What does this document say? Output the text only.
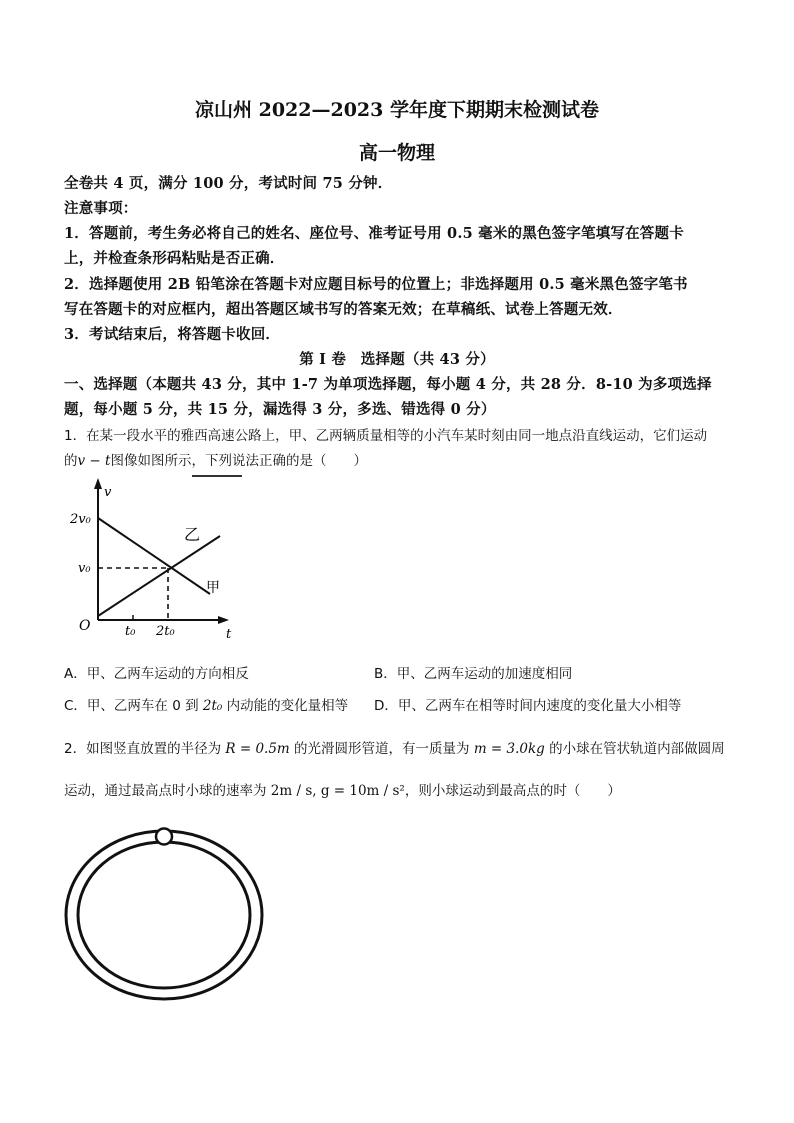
凉山州 2022—2023 学年度下期期末检测试卷
高一物理
全卷共 4 页，满分 100 分，考试时间 75 分钟．
注意事项：
1．答题前，考生务必将自己的姓名、座位号、准考证号用 0.5 毫米的黑色签字笔填写在答题卡
上，并检查条形码粘贴是否正确．
2．选择题使用 2B 铅笔涂在答题卡对应题目标号的位置上；非选择题用 0.5 毫米黑色签字笔书
写在答题卡的对应框内，超出答题区域书写的答案无效；在草稿纸、试卷上答题无效．
3．考试结束后，将答题卡收回．
第 I 卷　选择题（共 43 分）
一、选择题（本题共 43 分，其中 1-7 为单项选择题，每小题 4 分，共 28 分．8-10 为多项选择
题，每小题 5 分，共 15 分，漏选得 3 分，多选、错选得 0 分）
1．在某一段水平的雅西高速公路上，甲、乙两辆质量相等的小汽车某时刻由同一地点沿直线运动，它们运动
的v − t图像如图所示，下列说法正确的是（　　）
v
t
O
2v₀
v₀
t₀ 2t₀
乙
甲
A．甲、乙两车运动的方向相反	B．甲、乙两车运动的加速度相同
C．甲、乙两车在 0 到 2t₀ 内动能的变化量相等 D．甲、乙两车在相等时间内速度的变化量大小相等
2．如图竖直放置的半径为 R = 0.5m 的光滑圆形管道，有一质量为 m = 3.0kg 的小球在管状轨道内部做圆周
运动，通过最高点时小球的速率为 2m / s, g = 10m / s²，则小球运动到最高点的时（　　）
